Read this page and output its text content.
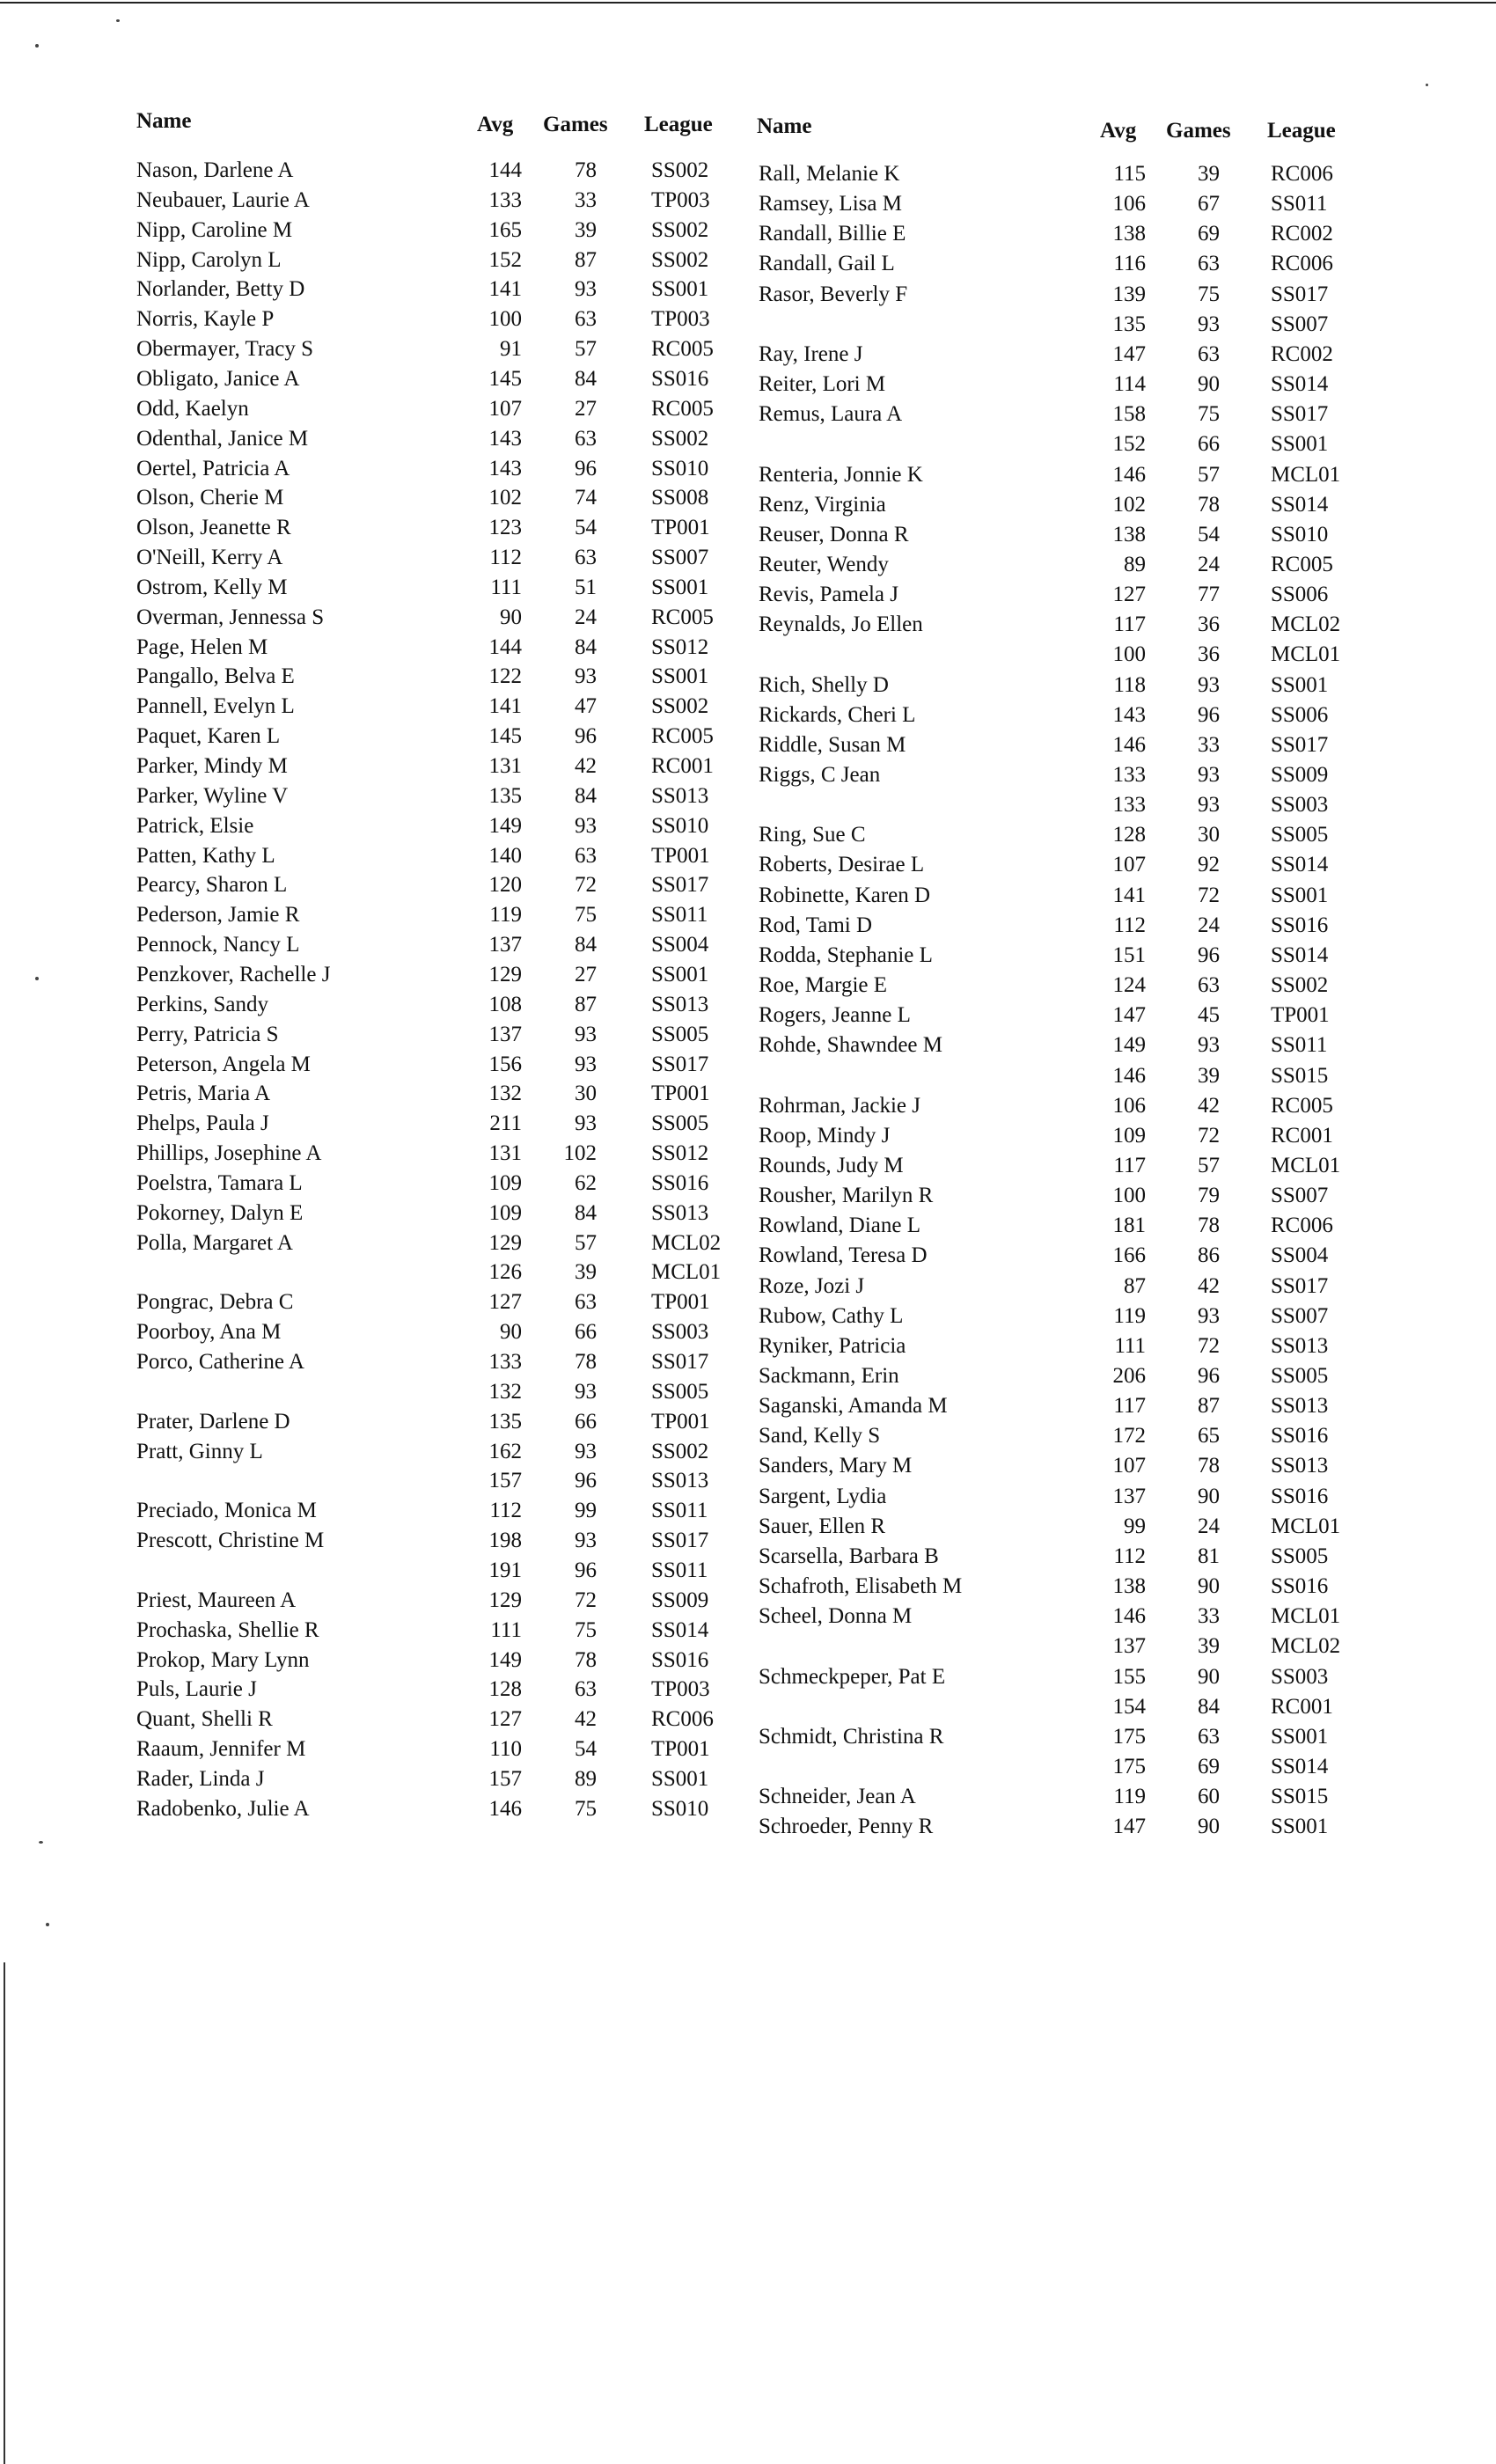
Name	Avg Games League Name	Avg Games League
Nason, Darlene A	144	78 SS002
Neubauer, Laurie A	133	33 TP003
Nipp, Caroline M	165	39 SS002
Nipp, Carolyn L	152	87 SS002
Norlander, Betty D	141	93 SS001
Norris, Kayle P	100	63 TP003
Obermayer, Tracy S	91	57 RC005
Obligato, Janice A	145	84 SS016
Odd, Kaelyn	107	27 RC005
Odenthal, Janice M	143	63 SS002
Oertel, Patricia A	143	96 SS010
Olson, Cherie M	102	74 SS008
Olson, Jeanette R	123	54 TP001
O'Neill, Kerry A	112	63 SS007
Ostrom, Kelly M	111	51 SS001
Overman, Jennessa S	90	24 RC005
Page, Helen M	144	84 SS012
Pangallo, Belva E	122	93 SS001
Pannell, Evelyn L	141	47 SS002
Paquet, Karen L	145	96 RC005
Parker, Mindy M	131	42 RC001
Parker, Wyline V	135	84 SS013
Patrick, Elsie	149	93 SS010
Patten, Kathy L	140	63 TP001
Pearcy, Sharon L	120	72 SS017
Pederson, Jamie R	119	75 SS011
Pennock, Nancy L	137	84 SS004
Penzkover, Rachelle J	129	27 SS001
Perkins, Sandy	108	87 SS013
Perry, Patricia S	137	93 SS005
Peterson, Angela M	156	93 SS017
Petris, Maria A	132	30 TP001
Phelps, Paula J	211	93 SS005
Phillips, Josephine A	131	102 SS012
Poelstra, Tamara L	109	62 SS016
Pokorney, Dalyn E	109	84 SS013
Polla, Margaret A	129	57 MCL02
126	39 MCL01
Pongrac, Debra C	127	63 TP001
Poorboy, Ana M	90	66 SS003
Porco, Catherine A	133	78 SS017
132	93 SS005
Prater, Darlene D	135	66 TP001
Pratt, Ginny L	162	93 SS002
157	96 SS013
Preciado, Monica M	112	99 SS011
Prescott, Christine M	198	93 SS017
191	96 SS011
Priest, Maureen A	129	72 SS009
Prochaska, Shellie R	111	75 SS014
Prokop, Mary Lynn	149	78 SS016
Puls, Laurie J	128	63 TP003
Quant, Shelli R	127	42 RC006
Raaum, Jennifer M	110	54 TP001
Rader, Linda J	157	89 SS001
Radobenko, Julie A	146	75 SS010
Rall, Melanie K	115	39 RC006
Ramsey, Lisa M	106	67 SS011
Randall, Billie E	138	69 RC002
Randall, Gail L	116	63 RC006
Rasor, Beverly F	139	75 SS017
135	93 SS007
Ray, Irene J	147	63 RC002
Reiter, Lori M	114	90 SS014
Remus, Laura A	158	75 SS017
152	66 SS001
Renteria, Jonnie K	146	57 MCL01
Renz, Virginia	102	78 SS014
Reuser, Donna R	138	54 SS010
Reuter, Wendy	89	24 RC005
Revis, Pamela J	127	77 SS006
Reynalds, Jo Ellen	117	36 MCL02
100	36 MCL01
Rich, Shelly D	118	93 SS001
Rickards, Cheri L	143	96 SS006
Riddle, Susan M	146	33 SS017
Riggs, C Jean	133	93 SS009
133	93 SS003
Ring, Sue C	128	30 SS005
Roberts, Desirae L	107	92 SS014
Robinette, Karen D	141	72 SS001
Rod, Tami D	112	24 SS016
Rodda, Stephanie L	151	96 SS014
Roe, Margie E	124	63 SS002
Rogers, Jeanne L	147	45 TP001
Rohde, Shawndee M	149	93 SS011
146	39 SS015
Rohrman, Jackie J	106	42 RC005
Roop, Mindy J	109	72 RC001
Rounds, Judy M	117	57 MCL01
Rousher, Marilyn R	100	79 SS007
Rowland, Diane L	181	78 RC006
Rowland, Teresa D	166	86 SS004
Roze, Jozi J	87	42 SS017
Rubow, Cathy L	119	93 SS007
Ryniker, Patricia	111	72 SS013
Sackmann, Erin	206	96 SS005
Saganski, Amanda M	117	87 SS013
Sand, Kelly S	172	65 SS016
Sanders, Mary M	107	78 SS013
Sargent, Lydia	137	90 SS016
Sauer, Ellen R	99	24 MCL01
Scarsella, Barbara B	112	81 SS005
Schafroth, Elisabeth M	138	90 SS016
Scheel, Donna M	146	33 MCL01
137	39 MCL02
Schmeckpeper, Pat E	155	90 SS003
154	84 RC001
Schmidt, Christina R	175	63 SS001
175	69 SS014
Schneider, Jean A	119	60 SS015
Schroeder, Penny R	147	90 SS001
